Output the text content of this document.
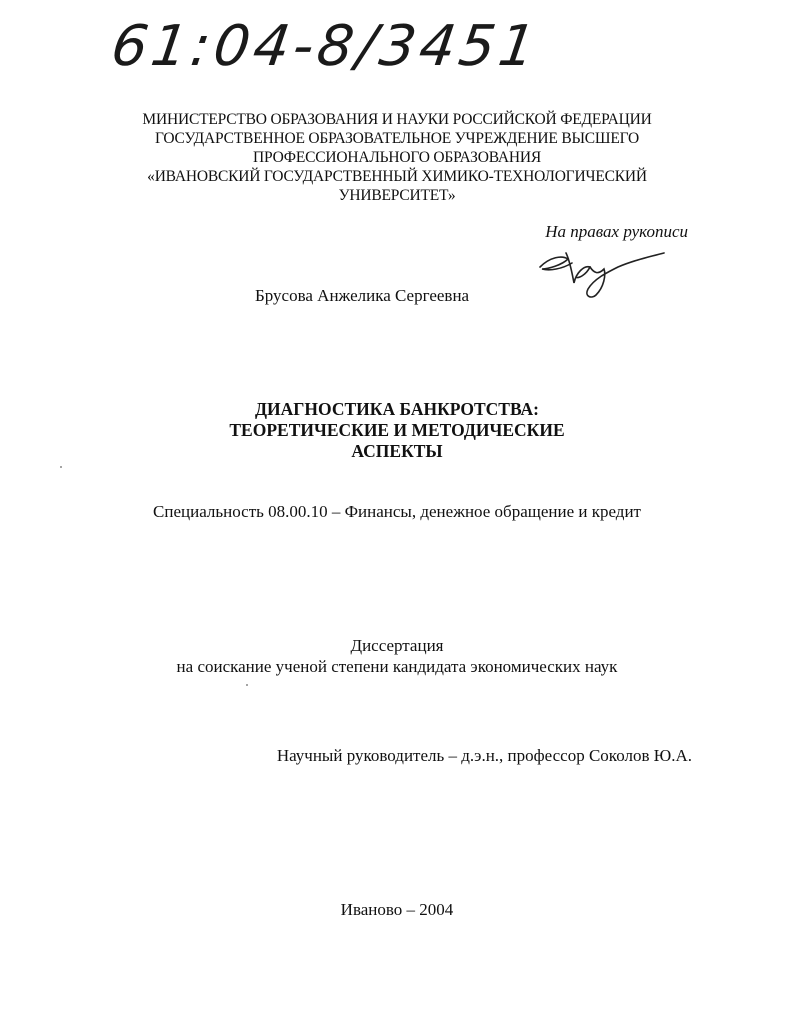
61:04-8/3451
МИНИСТЕРСТВО ОБРАЗОВАНИЯ И НАУКИ РОССИЙСКОЙ ФЕДЕРАЦИИ
ГОСУДАРСТВЕННОЕ ОБРАЗОВАТЕЛЬНОЕ УЧРЕЖДЕНИЕ ВЫСШЕГО
ПРОФЕССИОНАЛЬНОГО ОБРАЗОВАНИЯ
«ИВАНОВСКИЙ ГОСУДАРСТВЕННЫЙ ХИМИКО-ТЕХНОЛОГИЧЕСКИЙ
УНИВЕРСИТЕТ»
На правах рукописи
Брусова Анжелика Сергеевна
ДИАГНОСТИКА БАНКРОТСТВА:
ТЕОРЕТИЧЕСКИЕ И МЕТОДИЧЕСКИЕ
АСПЕКТЫ
Специальность 08.00.10 – Финансы, денежное обращение и кредит
Диссертация
на соискание ученой степени кандидата экономических наук
Научный руководитель – д.э.н., профессор Соколов Ю.А.
Иваново – 2004
